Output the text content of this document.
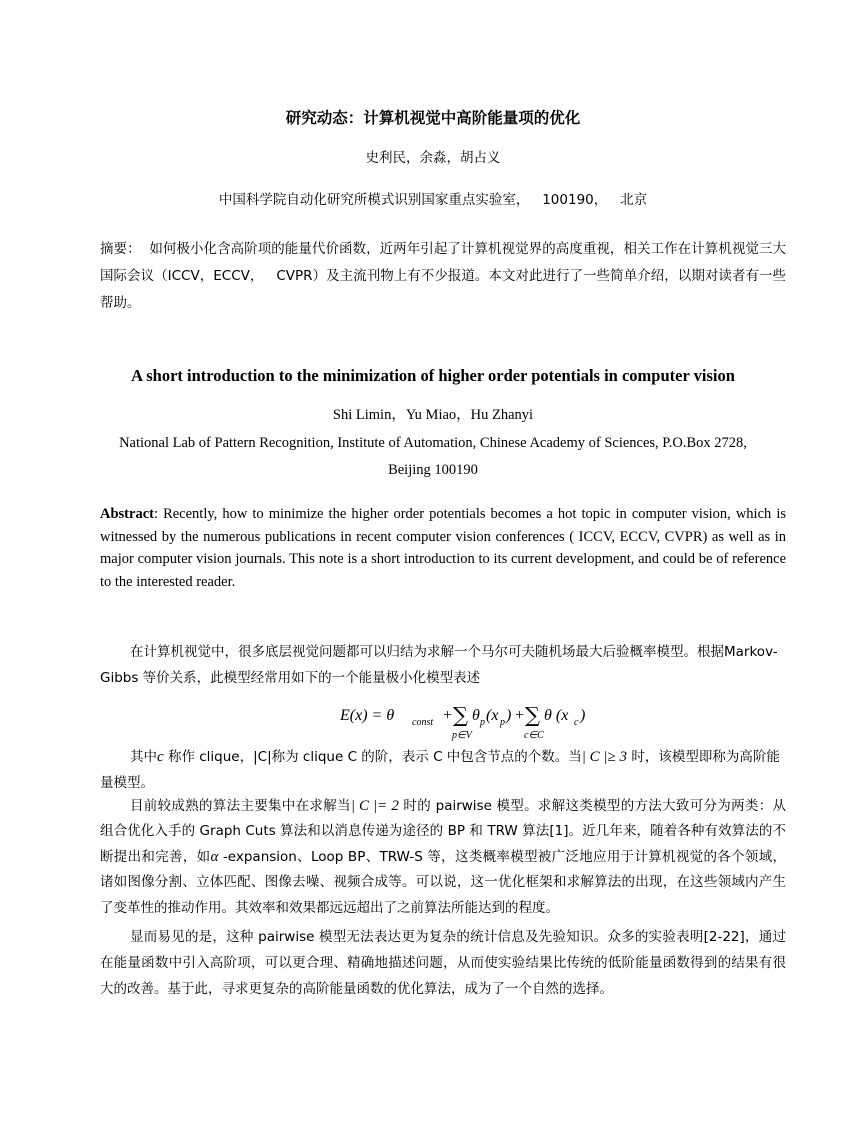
研究动态：计算机视觉中高阶能量项的优化
史利民，余淼，胡占义
中国科学院自动化研究所模式识别国家重点实验室，   100190，   北京
摘要：  如何极小化含高阶项的能量代价函数，近两年引起了计算机视觉界的高度重视，相关工作在计算机视觉三大国际会议（ICCV，ECCV，   CVPR）及主流刊物上有不少报道。本文对此进行了一些简单介绍，以期对读者有一些帮助。
A short introduction to the minimization of higher order potentials in computer vision
Shi Limin，Yu Miao，Hu Zhanyi
National Lab of Pattern Recognition, Institute of Automation, Chinese Academy of Sciences, P.O.Box 2728,
Beijing 100190
Abstract: Recently, how to minimize the higher order potentials becomes a hot topic in computer vision, which is witnessed by the numerous publications in recent computer vision conferences ( ICCV, ECCV, CVPR) as well as in major computer vision journals. This note is a short introduction to its current development, and could be of reference to the interested reader.
在计算机视觉中，很多底层视觉问题都可以归结为求解一个马尔可夫随机场最大后验概率模型。根据Markov-Gibbs 等价关系，此模型经常用如下的一个能量极小化模型表述
E(x) = θ const +
∑
p∈V
θ p (x p )
+
∑
c∈C
θ (x c )
其中c 称作 clique，|C|称为 clique C 的阶，表示 C 中包含节点的个数。当| C |≥ 3 时，该模型即称为高阶能量模型。
目前较成熟的算法主要集中在求解当| C |= 2 时的 pairwise 模型。求解这类模型的方法大致可分为两类：从组合优化入手的 Graph Cuts 算法和以消息传递为途径的 BP 和 TRW 算法[1]。近几年来，随着各种有效算法的不断提出和完善，如α -expansion、Loop BP、TRW-S 等，这类概率模型被广泛地应用于计算机视觉的各个领域，诸如图像分割、立体匹配、图像去噪、视频合成等。可以说，这一优化框架和求解算法的出现，在这些领域内产生了变革性的推动作用。其效率和效果都远远超出了之前算法所能达到的程度。
显而易见的是，这种 pairwise 模型无法表达更为复杂的统计信息及先验知识。众多的实验表明[2-22]，通过在能量函数中引入高阶项，可以更合理、精确地描述问题，从而使实验结果比传统的低阶能量函数得到的结果有很大的改善。基于此，寻求更复杂的高阶能量函数的优化算法，成为了一个自然的选择。
